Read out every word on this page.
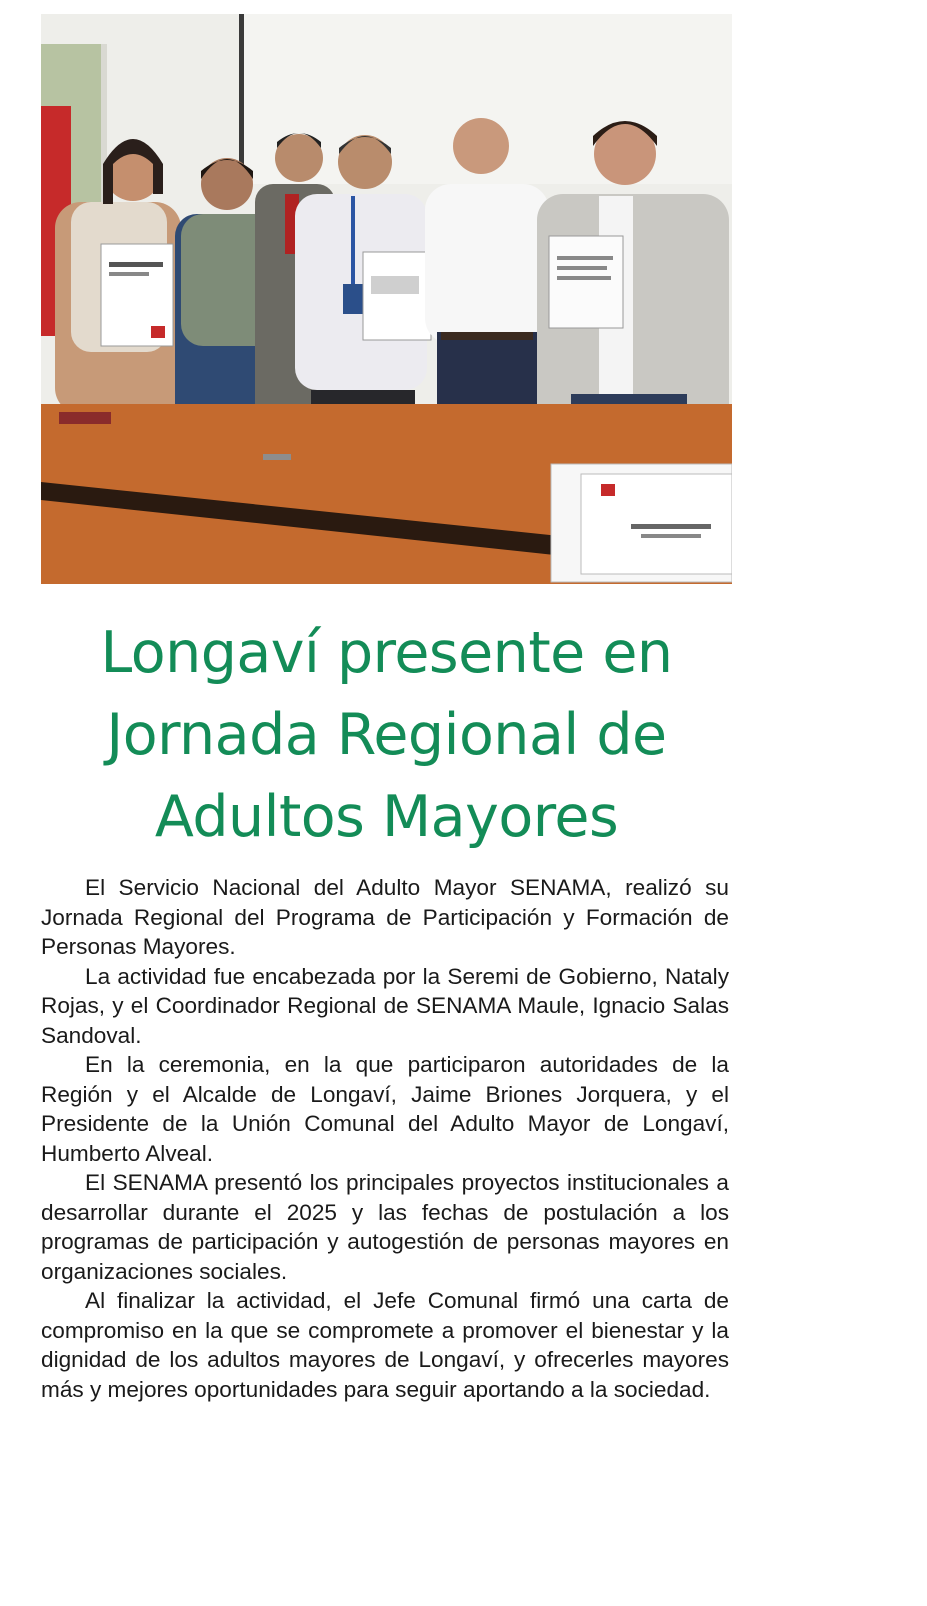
Longaví presente en
Jornada Regional de
Adultos Mayores

El Servicio Nacional del Adulto Mayor SENAMA, realizó su Jornada Regional del Programa de Participación y Formación de Personas Mayores.

La actividad fue encabezada por la Seremi de Gobierno, Nataly Rojas, y el Coordinador Regional de SENAMA Maule, Ignacio Salas Sandoval.

En la ceremonia, en la que participaron autoridades de la Región y el Alcalde de Longaví, Jaime Briones Jorquera, y el Presidente de la Unión Comunal del Adulto Mayor de Longaví, Humberto Alveal.

El SENAMA presentó los principales proyectos institucionales a desarrollar durante el 2025 y las fechas de postulación a los programas de participación y autogestión de personas mayores en organizaciones sociales.

Al finalizar la actividad, el Jefe Comunal firmó una carta de compromiso en la que se compromete a promover el bienestar y la dignidad de los adultos mayores de Longaví, y ofrecerles mayores más y mejores oportunidades para seguir aportando a la sociedad.
